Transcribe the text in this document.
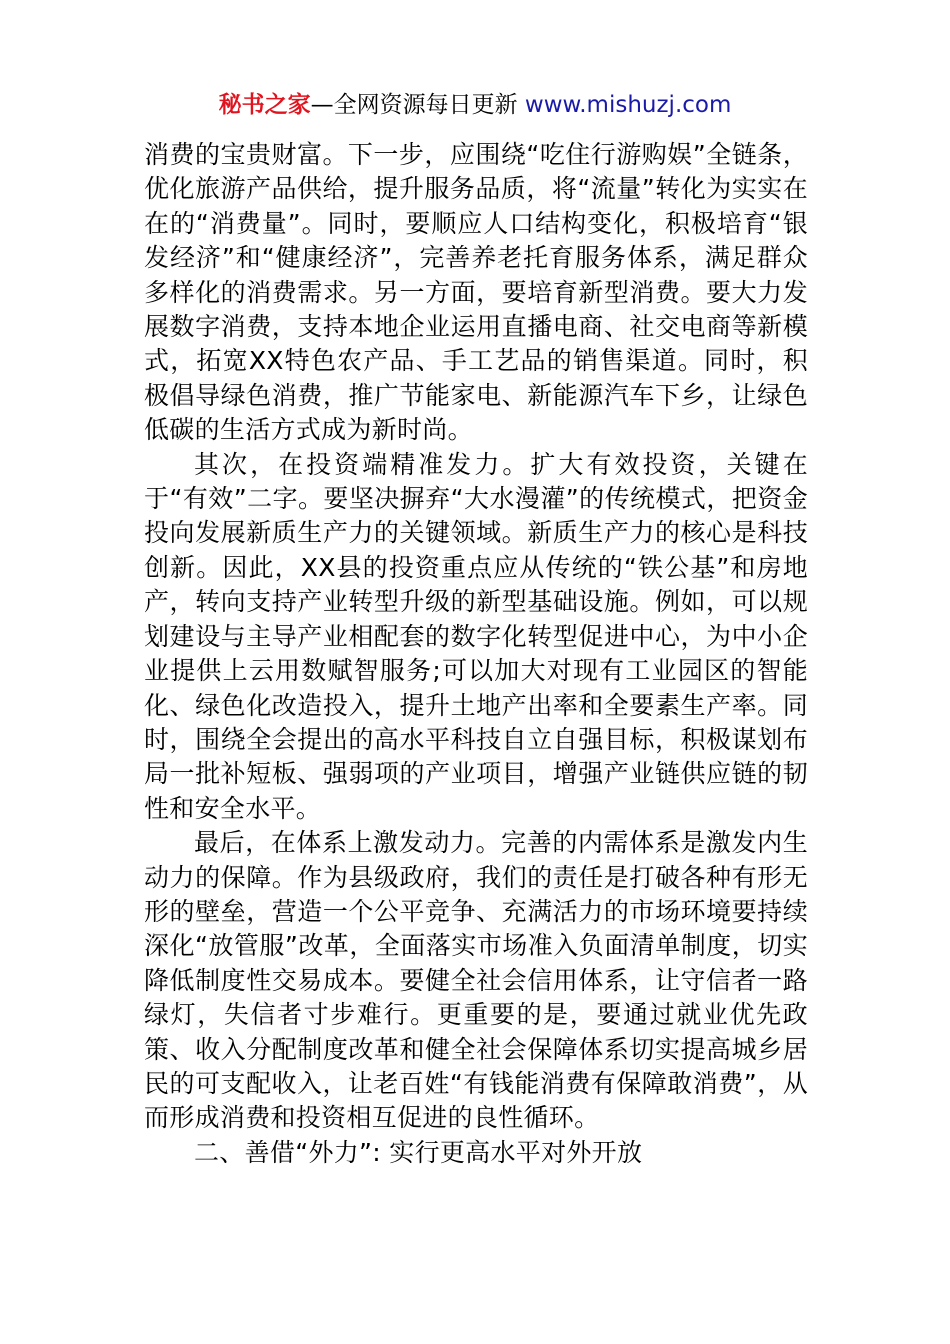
秘书之家—全网资源每日更新 www.mishuzj.com

消费的宝贵财富。下一步，应围绕“吃住行游购娱”全链条，优化旅游产品供给，提升服务品质，将“流量”转化为实实在在的“消费量”。同时，要顺应人口结构变化，积极培育“银发经济”和“健康经济”，完善养老托育服务体系，满足群众多样化的消费需求。另一方面，要培育新型消费。要大力发展数字消费，支持本地企业运用直播电商、社交电商等新模式，拓宽XX特色农产品、手工艺品的销售渠道。同时，积极倡导绿色消费，推广节能家电、新能源汽车下乡，让绿色低碳的生活方式成为新时尚。

其次，在投资端精准发力。扩大有效投资，关键在于“有效”二字。要坚决摒弃“大水漫灌”的传统模式，把资金投向发展新质生产力的关键领域。新质生产力的核心是科技创新。因此，XX县的投资重点应从传统的“铁公基”和房地产，转向支持产业转型升级的新型基础设施。例如，可以规划建设与主导产业相配套的数字化转型促进中心，为中小企业提供上云用数赋智服务;可以加大对现有工业园区的智能化、绿色化改造投入，提升土地产出率和全要素生产率。同时，围绕全会提出的高水平科技自立自强目标，积极谋划布局一批补短板、强弱项的产业项目，增强产业链供应链的韧性和安全水平。

最后，在体系上激发动力。完善的内需体系是激发内生动力的保障。作为县级政府，我们的责任是打破各种有形无形的壁垒，营造一个公平竞争、充满活力的市场环境要持续深化“放管服”改革，全面落实市场准入负面清单制度，切实降低制度性交易成本。要健全社会信用体系，让守信者一路绿灯，失信者寸步难行。更重要的是，要通过就业优先政策、收入分配制度改革和健全社会保障体系切实提高城乡居民的可支配收入，让老百姓“有钱能消费有保障敢消费”，从而形成消费和投资相互促进的良性循环。

二、善借“外力”: 实行更高水平对外开放
